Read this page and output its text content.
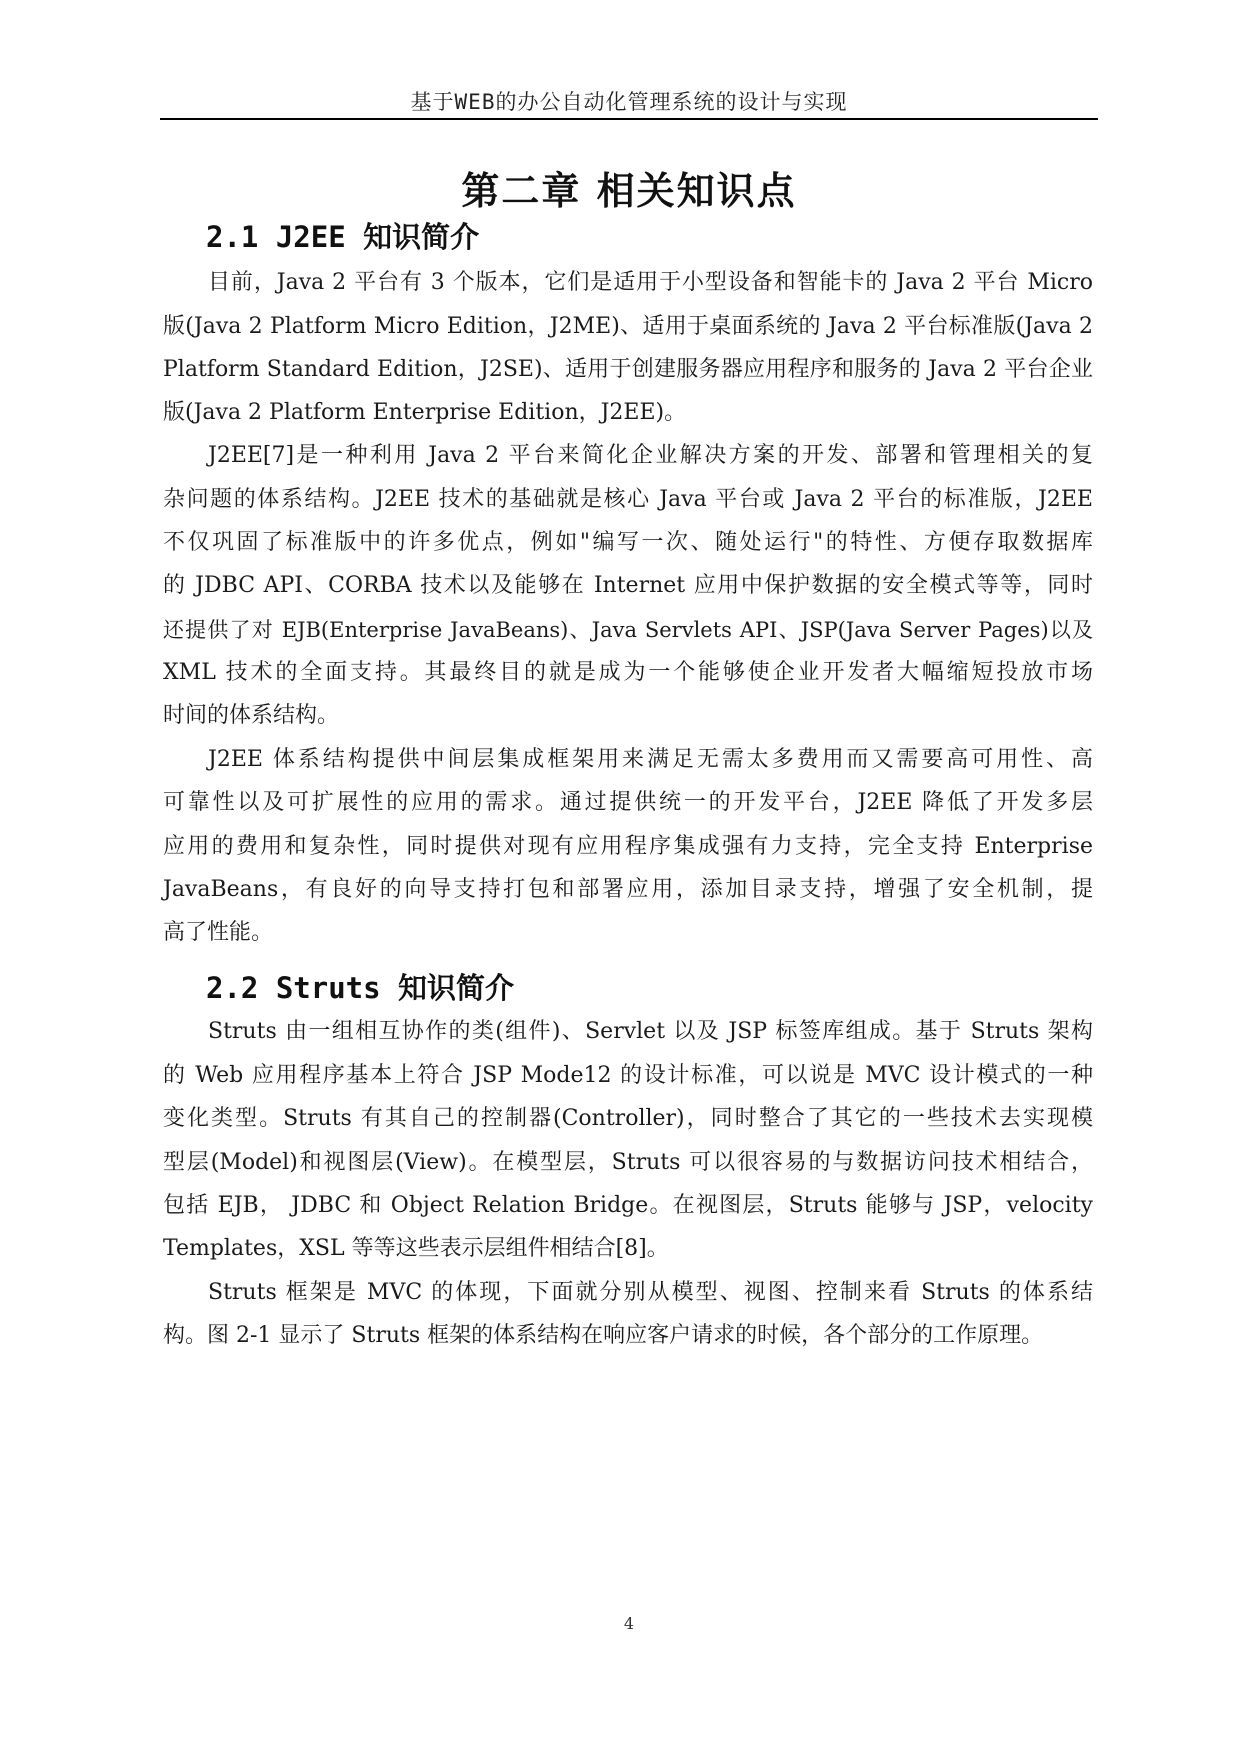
基于WEB的办公自动化管理系统的设计与实现
第二章 相关知识点
2.1 J2EE 知识简介
目前，Java 2 平台有 3 个版本，它们是适用于小型设备和智能卡的 Java 2 平台 Micro
版(Java 2 Platform Micro Edition，J2ME)、适用于桌面系统的 Java 2 平台标准版(Java 2
Platform Standard Edition，J2SE)、适用于创建服务器应用程序和服务的 Java 2 平台企业
版(Java 2 Platform Enterprise Edition，J2EE)。
J2EE[7]是一种利用 Java 2 平台来简化企业解决方案的开发、部署和管理相关的复
杂问题的体系结构。J2EE 技术的基础就是核心 Java 平台或 Java 2 平台的标准版，J2EE
不仅巩固了标准版中的许多优点，例如"编写一次、随处运行"的特性、方便存取数据库
的 JDBC API、CORBA 技术以及能够在 Internet 应用中保护数据的安全模式等等，同时
还提供了对 EJB(Enterprise JavaBeans)、Java Servlets API、JSP(Java Server Pages)以及
XML 技术的全面支持。其最终目的就是成为一个能够使企业开发者大幅缩短投放市场
时间的体系结构。
J2EE 体系结构提供中间层集成框架用来满足无需太多费用而又需要高可用性、高
可靠性以及可扩展性的应用的需求。通过提供统一的开发平台，J2EE 降低了开发多层
应用的费用和复杂性，同时提供对现有应用程序集成强有力支持，完全支持 Enterprise
JavaBeans，有良好的向导支持打包和部署应用，添加目录支持，增强了安全机制，提
高了性能。
2.2 Struts 知识简介
Struts 由一组相互协作的类(组件)、Servlet 以及 JSP 标签库组成。基于 Struts 架构
的 Web 应用程序基本上符合 JSP Mode12 的设计标准，可以说是 MVC 设计模式的一种
变化类型。Struts 有其自己的控制器(Controller)，同时整合了其它的一些技术去实现模
型层(Model)和视图层(View)。在模型层，Struts 可以很容易的与数据访问技术相结合，
包括 EJB， JDBC 和 Object Relation Bridge。在视图层，Struts 能够与 JSP，velocity
Templates，XSL 等等这些表示层组件相结合[8]。
Struts 框架是 MVC 的体现，下面就分别从模型、视图、控制来看 Struts 的体系结
构。图 2-1 显示了 Struts 框架的体系结构在响应客户请求的时候，各个部分的工作原理。
4
